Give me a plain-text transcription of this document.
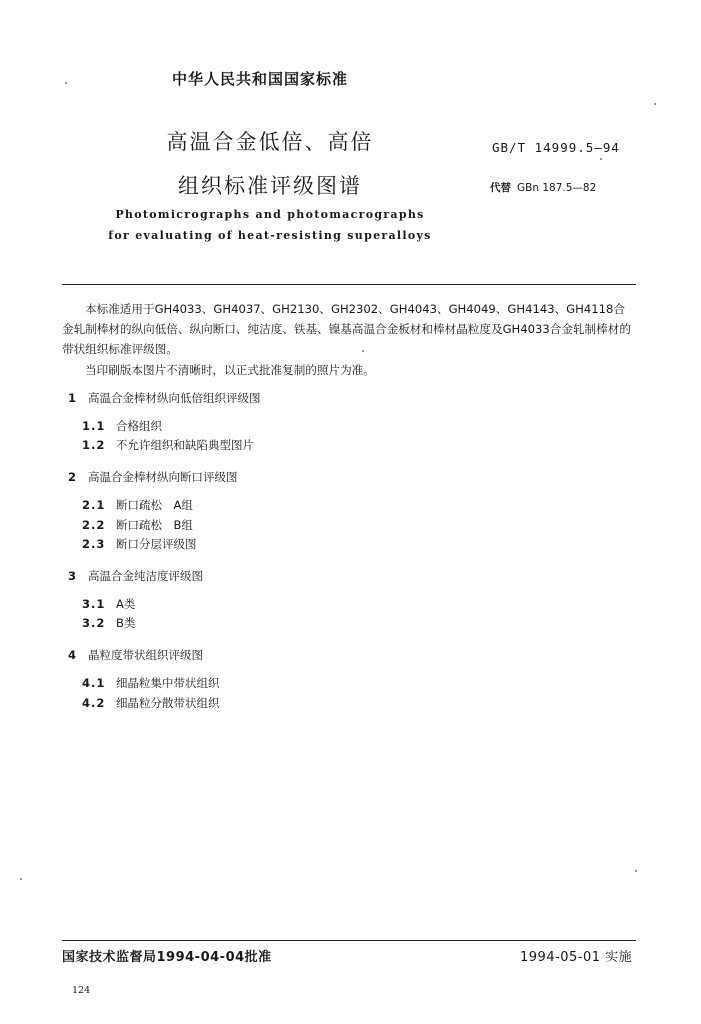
中华人民共和国国家标准
高温合金低倍、高倍
组织标准评级图谱
Photomicrographs and photomacrographs
for evaluating of heat-resisting superalloys
GB/T 14999.5—94
代替 GBn 187.5—82
本标准适用于GH4033、GH4037、GH2130、GH2302、GH4043、GH4049、GH4143、GH4118合金轧制棒材的纵向低倍、纵向断口、纯洁度、铁基、镍基高温合金板材和棒材晶粒度及GH4033合金轧制棒材的带状组织标准评级图。
当印刷版本图片不清晰时，以正式批准复制的照片为准。
1	高温合金棒材纵向低倍组织评级图
1.1 合格组织
1.2 不允许组织和缺陷典型图片
2	高温合金棒材纵向断口评级图
2.1 断口疏松　A组
2.2 断口疏松　B组
2.3 断口分层评级图
3	高温合金纯洁度评级图
3.1 A类
3.2 B类
4	晶粒度带状组织评级图
4.1 细晶粒集中带状组织
4.2 细晶粒分散带状组织
国家技术监督局1994-04-04批准	1994-05-01 实施
124
